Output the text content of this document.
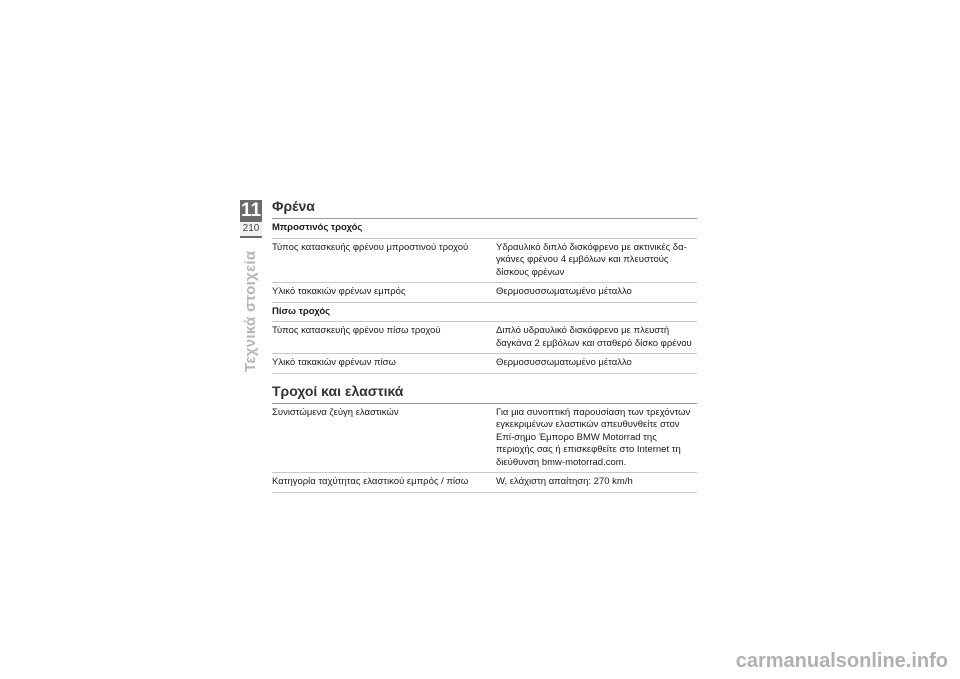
11
210
Τεχνικά στοιχεία
Φρένα
Μπροστινός τροχός	
Τύπος κατασκευής φρένου μπροστινού τροχού	Υδραυλικό διπλό δισκόφρενο με ακτινικές δα-γκάνες φρένου 4 εμβόλων και πλευστούς δίσκους φρένων
Υλικό τακακιών φρένων εμπρός	Θερμοσυσσωματωμένο μέταλλο
Πίσω τροχός	
Τύπος κατασκευής φρένου πίσω τροχού	Διπλό υδραυλικό δισκόφρενο με πλευστή δαγκάνα 2 εμβόλων και σταθερό δίσκο φρένου
Υλικό τακακιών φρένων πίσω	Θερμοσυσσωματωμένο μέταλλο
Τροχοί και ελαστικά
Συνιστώμενα ζεύγη ελαστικών	Για μια συνοπτική παρουσίαση των τρεχόντων εγκεκριμένων ελαστικών απευθυνθείτε στον Επί-σημο Έμπορο BMW Motorrad της περιοχής σας ή επισκεφθείτε στο Internet τη διεύθυνση bmw-motorrad.com.
Κατηγορία ταχύτητας ελαστικού εμπρός / πίσω	W, ελάχιστη απαίτηση: 270 km/h
carmanualsonline.info
